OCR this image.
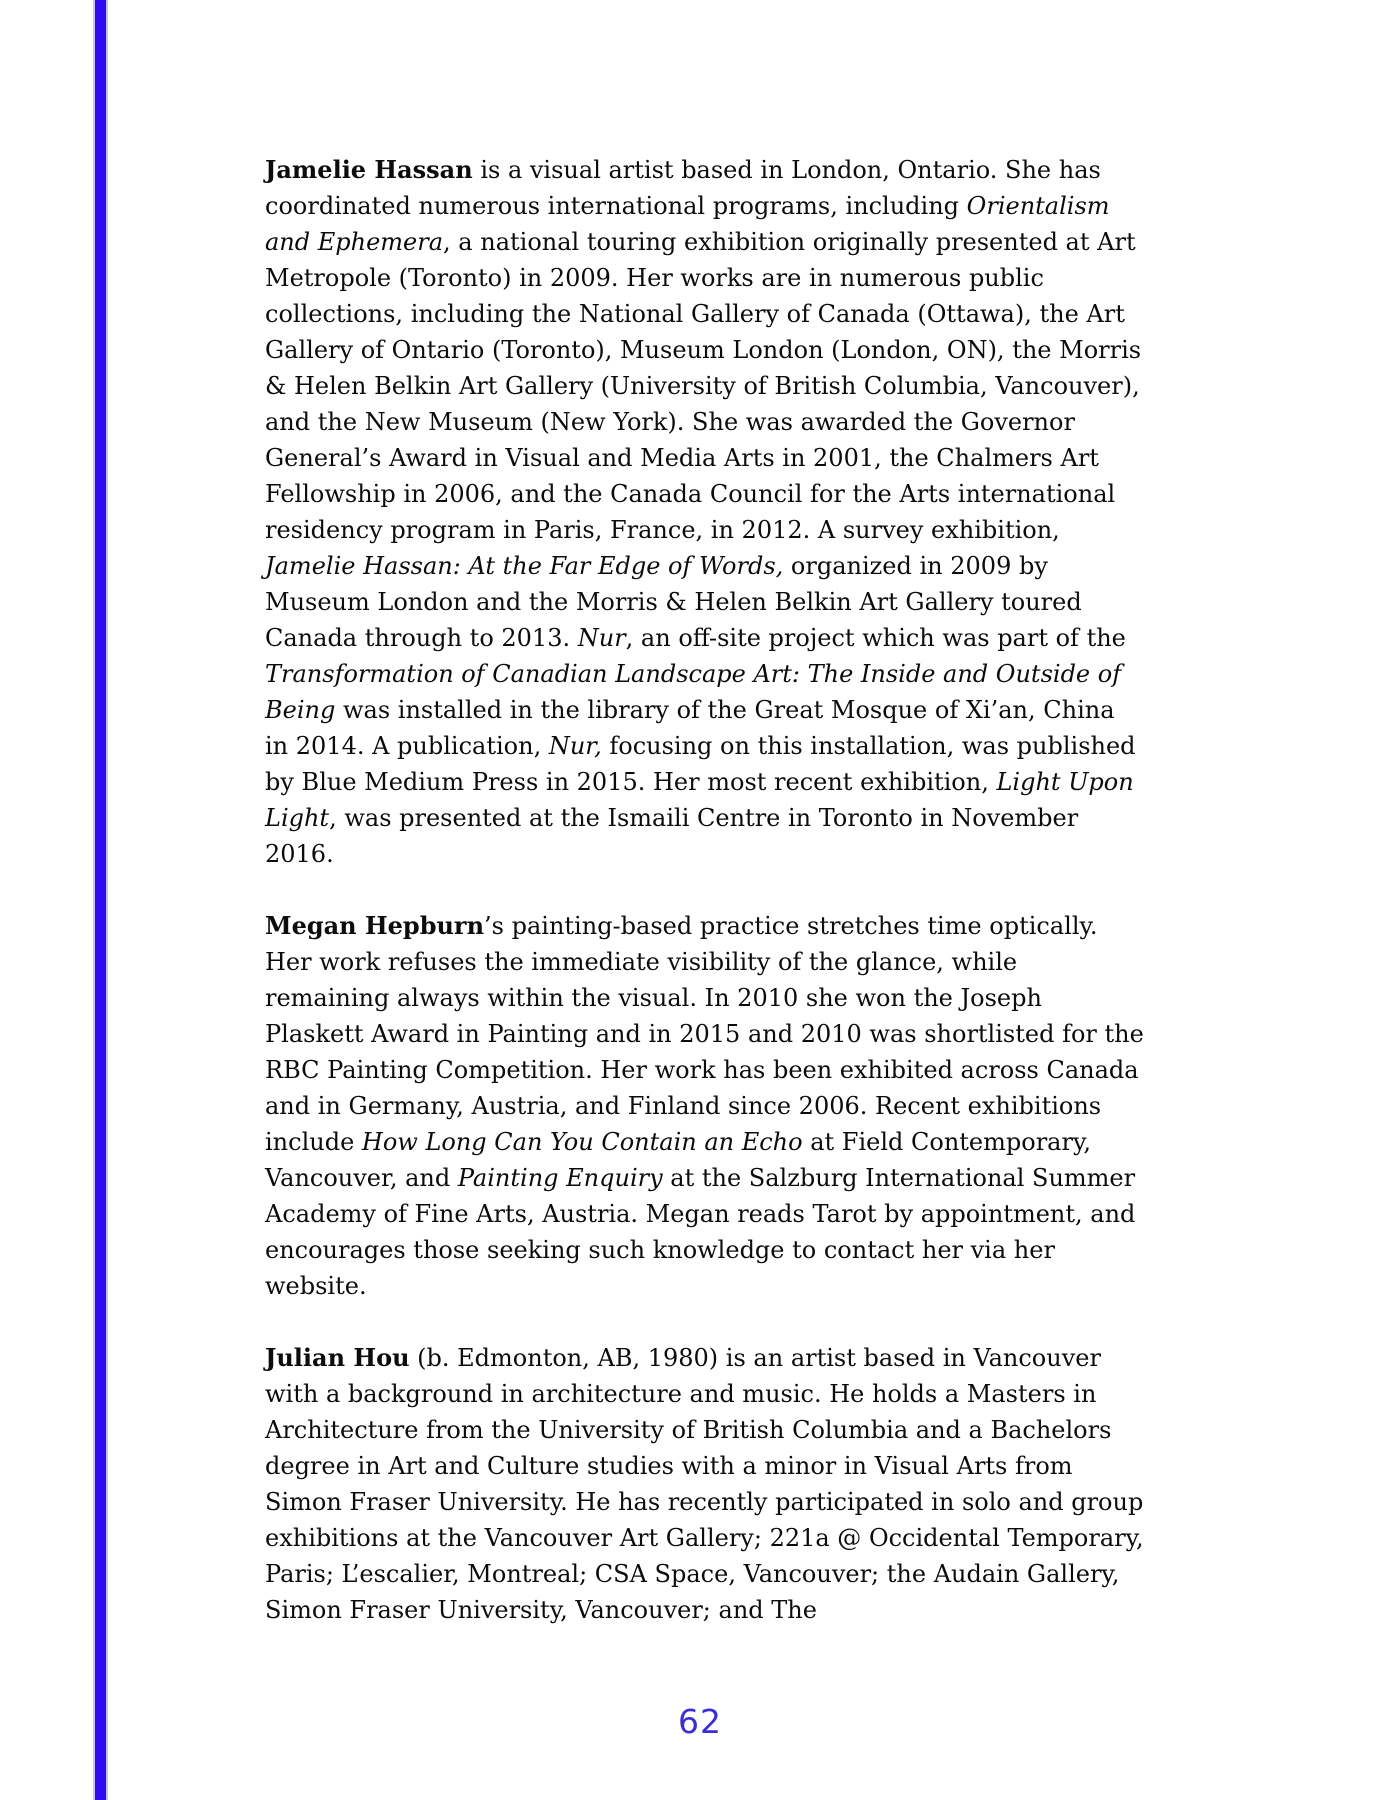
Jamelie Hassan is a visual artist based in London, Ontario. She has coordinated numerous international programs, including Orientalism and Ephemera, a national touring exhibition originally presented at Art Metropole (Toronto) in 2009. Her works are in numerous public collections, including the National Gallery of Canada (Ottawa), the Art Gallery of Ontario (Toronto), Museum London (London, ON), the Morris & Helen Belkin Art Gallery (University of British Columbia, Vancouver), and the New Museum (New York). She was awarded the Governor General’s Award in Visual and Media Arts in 2001, the Chalmers Art Fellowship in 2006, and the Canada Council for the Arts international residency program in Paris, France, in 2012. A survey exhibition, Jamelie Hassan: At the Far Edge of Words, organized in 2009 by Museum London and the Morris & Helen Belkin Art Gallery toured Canada through to 2013. Nur, an off-site project which was part of the Transformation of Canadian Landscape Art: The Inside and Outside of Being was installed in the library of the Great Mosque of Xi’an, China in 2014. A publication, Nur, focusing on this installation, was published by Blue Medium Press in 2015. Her most recent exhibition, Light Upon Light, was presented at the Ismaili Centre in Toronto in November 2016.

Megan Hepburn’s painting-based practice stretches time optically. Her work refuses the immediate visibility of the glance, while remaining always within the visual. In 2010 she won the Joseph Plaskett Award in Painting and in 2015 and 2010 was shortlisted for the RBC Painting Competition. Her work has been exhibited across Canada and in Germany, Austria, and Finland since 2006. Recent exhibitions include How Long Can You Contain an Echo at Field Contemporary, Vancouver, and Painting Enquiry at the Salzburg International Summer Academy of Fine Arts, Austria. Megan reads Tarot by appointment, and encourages those seeking such knowledge to contact her via her website.

Julian Hou (b. Edmonton, AB, 1980) is an artist based in Vancouver with a background in architecture and music. He holds a Masters in Architecture from the University of British Columbia and a Bachelors degree in Art and Culture studies with a minor in Visual Arts from Simon Fraser University. He has recently participated in solo and group exhibitions at the Vancouver Art Gallery; 221a @ Occidental Temporary, Paris; L’escalier, Montreal; CSA Space, Vancouver; the Audain Gallery, Simon Fraser University, Vancouver; and The

62
